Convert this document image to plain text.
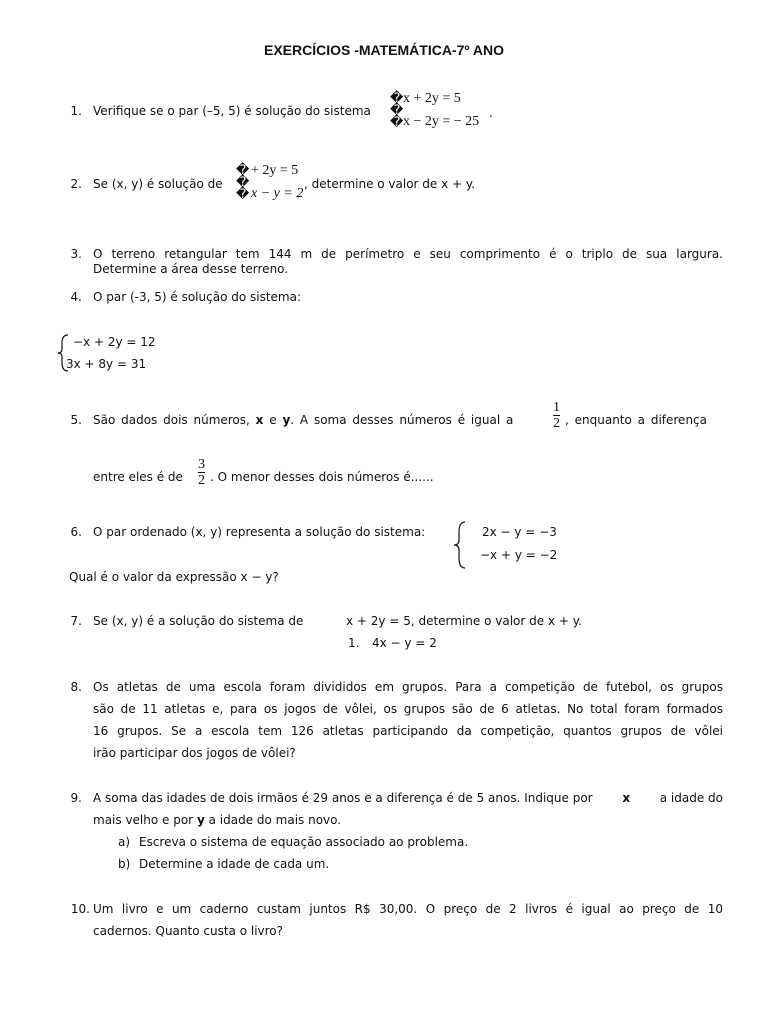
EXERCÍCIOS -MATEMÁTICA-7º ANO
1. Verifique se o par (–5, 5) é solução do sistema
�
�
�
x + 2y = 5
x − 2y = − 25
.
2. Se (x, y) é solução de
�
�
�
+ 2y = 5
x − y = 2
, determine o valor de x + y.
3. O terreno retangular tem 144 m de perímetro e seu comprimento é o triplo de sua largura.
Determine a área desse terreno.
4. O par (-3, 5) é solução do sistema:
−x + 2y = 12
3x + 8y = 31
5. São dados dois números, x e y. A soma desses números é igual a	$\frac{1}{2}$ , enquanto a diferença
entre eles é de $\frac{3}{2}$ . O menor desses dois números é......
6. O par ordenado (x, y) representa a solução do sistema:	2x − y = −3
−x + y = −2
Qual é o valor da expressão x − y?
7. Se (x, y) é a solução do sistema de	x + 2y = 5, determine o valor de x + y.
1. 4x − y = 2
8. Os atletas de uma escola foram divididos em grupos. Para a competição de futebol, os grupos
são de 11 atletas e, para os jogos de vôlei, os grupos são de 6 atletas. No total foram formados
16 grupos. Se a escola tem 126 atletas participando da competição, quantos grupos de vôlei
irão participar dos jogos de vôlei?
9. A soma das idades de dois irmãos é 29 anos e a diferença é de 5 anos. Indique por x a idade do
mais velho e por y a idade do mais novo.
a) Escreva o sistema de equação associado ao problema.
b) Determine a idade de cada um.
10. Um livro e um caderno custam juntos R$ 30,00. O preço de 2 livros é igual ao preço de 10
cadernos. Quanto custa o livro?
